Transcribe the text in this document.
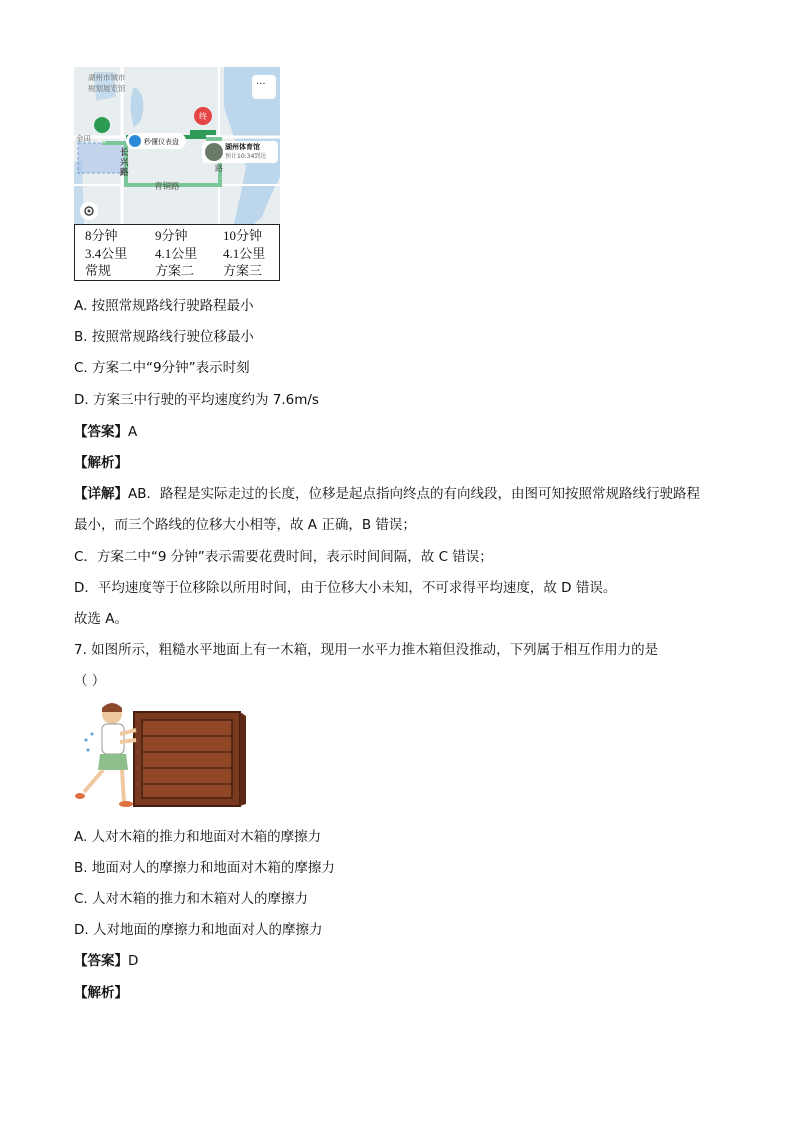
湖州市城市
规划展览馆
金田
青铜路
长
兴
路	路
起
终
秒懂仪表盘
湖州体育馆
预计10:34到达
···
8分钟	9分钟	10分钟
3.4公里 4.1公里 4.1公里
常规	方案二 方案三
A. 按照常规路线行驶路程最小
B. 按照常规路线行驶位移最小
C. 方案二中“9分钟”表示时刻
D. 方案三中行驶的平均速度约为 7.6m/s
【答案】A
【解析】
【详解】AB．路程是实际走过的长度，位移是起点指向终点的有向线段，由图可知按照常规路线行驶路程
最小，而三个路线的位移大小相等，故 A 正确，B 错误；
C．方案二中“9 分钟”表示需要花费时间，表示时间间隔，故 C 错误；
D．平均速度等于位移除以所用时间，由于位移大小未知，不可求得平均速度，故 D 错误。
故选 A。
7. 如图所示，粗糙水平地面上有一木箱，现用一水平力推木箱但没推动，下列属于相互作用力的是
（ ）
A. 人对木箱的推力和地面对木箱的摩擦力
B. 地面对人的摩擦力和地面对木箱的摩擦力
C. 人对木箱的推力和木箱对人的摩擦力
D. 人对地面的摩擦力和地面对人的摩擦力
【答案】D
【解析】
